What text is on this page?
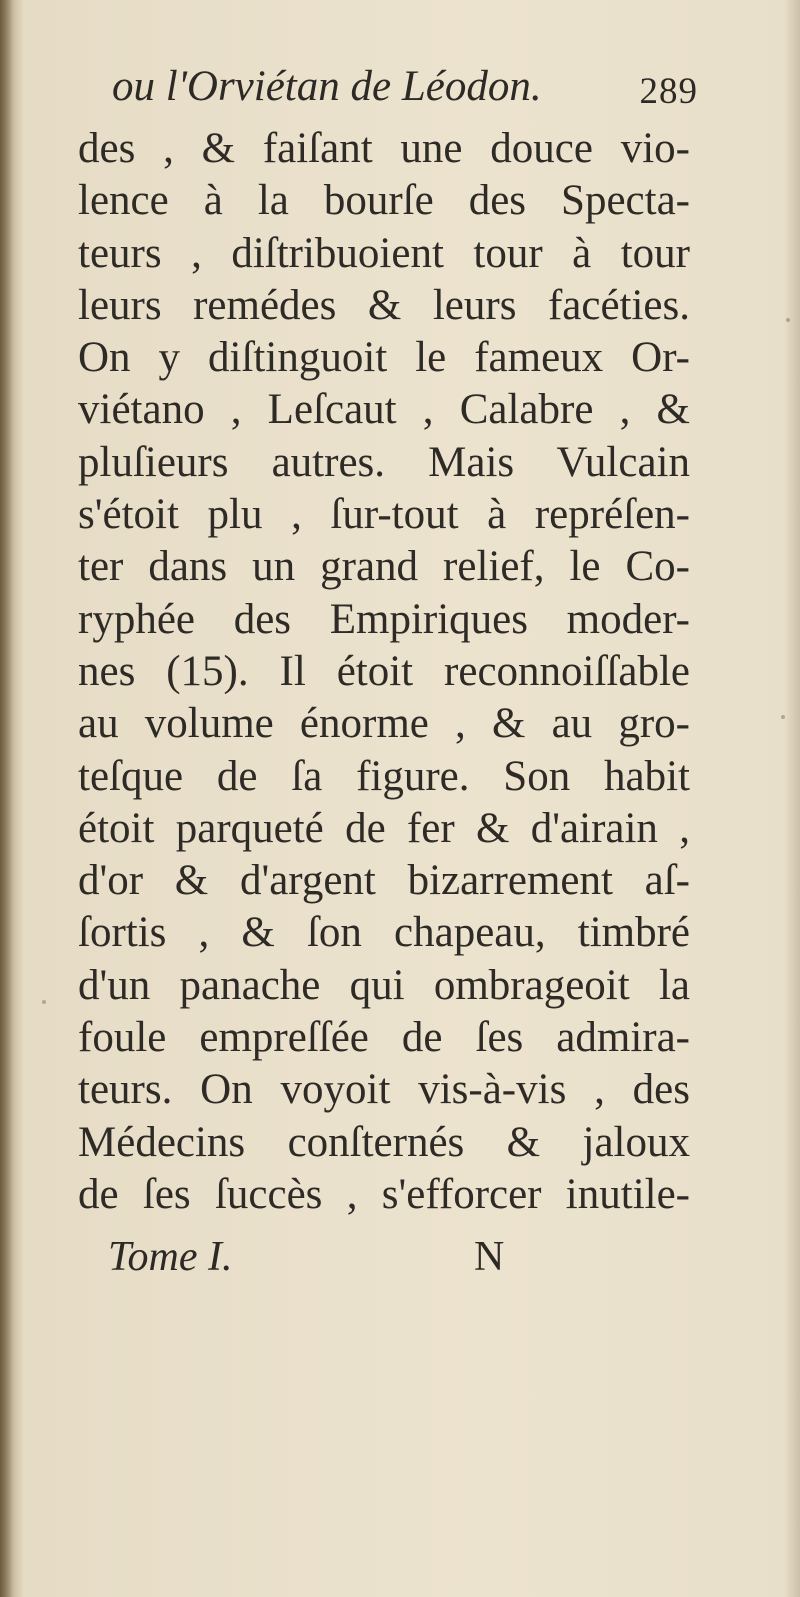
ou l'Orviétan de Léodon.	289
des , & faiſant une douce vio-
lence à la bourſe des Specta-
teurs , diſtribuoient tour à tour
leurs remédes & leurs facéties.
On y diſtinguoit le fameux Or-
viétano , Leſcaut , Calabre , &
pluſieurs autres. Mais Vulcain
s'étoit plu , ſur-tout à repréſen-
ter dans un grand relief, le Co-
ryphée des Empiriques moder-
nes (15). Il étoit reconnoiſſable
au volume énorme , & au gro-
teſque de ſa figure. Son habit
étoit parqueté de fer & d'airain ,
d'or & d'argent bizarrement aſ-
ſortis , & ſon chapeau, timbré
d'un panache qui ombrageoit la
foule empreſſée de ſes admira-
teurs. On voyoit vis-à-vis , des
Médecins conſternés & jaloux
de ſes ſuccès , s'efforcer inutile-
Tome I.	N
